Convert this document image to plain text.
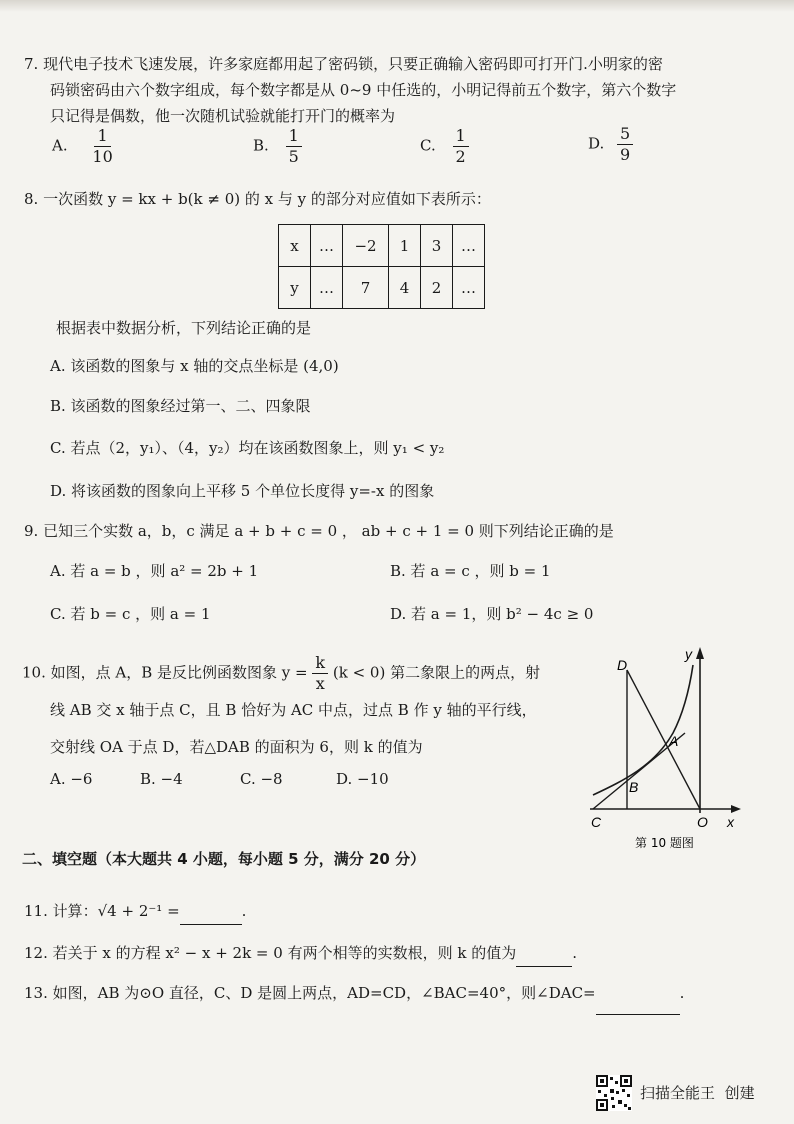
7. 现代电子技术飞速发展，许多家庭都用起了密码锁，只要正确输入密码即可打开门.小明家的密
码锁密码由六个数字组成，每个数字都是从 0~9 中任选的，小明记得前五个数字，第六个数字
只记得是偶数，他一次随机试验就能打开门的概率为
A. $\frac{1}{10}$	B. $\frac{1}{5}$	C. $\frac{1}{2}$	D. $\frac{5}{9}$
8. 一次函数 y = kx + b(k ≠ 0) 的 x 与 y 的部分对应值如下表所示：
x	…	−2	1	3	…
y	…	7	4	2	…
根据表中数据分析，下列结论正确的是
A. 该函数的图象与 x 轴的交点坐标是 (4,0)
B. 该函数的图象经过第一、二、四象限
C. 若点（2，y₁）、（4，y₂）均在该函数图象上，则 y₁ < y₂
D. 将该函数的图象向上平移 5 个单位长度得 y=-x 的图象
9. 已知三个实数 a，b，c 满足 a + b + c = 0 ， ab + c + 1 = 0 则下列结论正确的是
A. 若 a = b ，则 a² = 2b + 1	B. 若 a = c ，则 b = 1
C. 若 b = c ，则 a = 1	D. 若 a = 1，则 b² − 4c ≥ 0
10. 如图，点 A，B 是反比例函数图象 $y = \frac{k}{x} (k < 0)$ 第二象限上的两点，射
线 AB 交 x 轴于点 C，且 B 恰好为 AC 中点，过点 B 作 y 轴的平行线，
交射线 OA 于点 D，若△DAB 的面积为 6，则 k 的值为
A. −6	B. −4	C. −8	D. −10
D
y
A
B
C	O x
第 10 题图
二、填空题（本大题共 4 小题，每小题 5 分，满分 20 分）
11. 计算：√4 + 2⁻¹ =	.
12. 若关于 x 的方程 x² − x + 2k = 0 有两个相等的实数根，则 k 的值为	.
13. 如图，AB 为⊙O 直径，C、D 是圆上两点，AD=CD，∠BAC=40°，则∠DAC=	.
扫描全能王 创建
